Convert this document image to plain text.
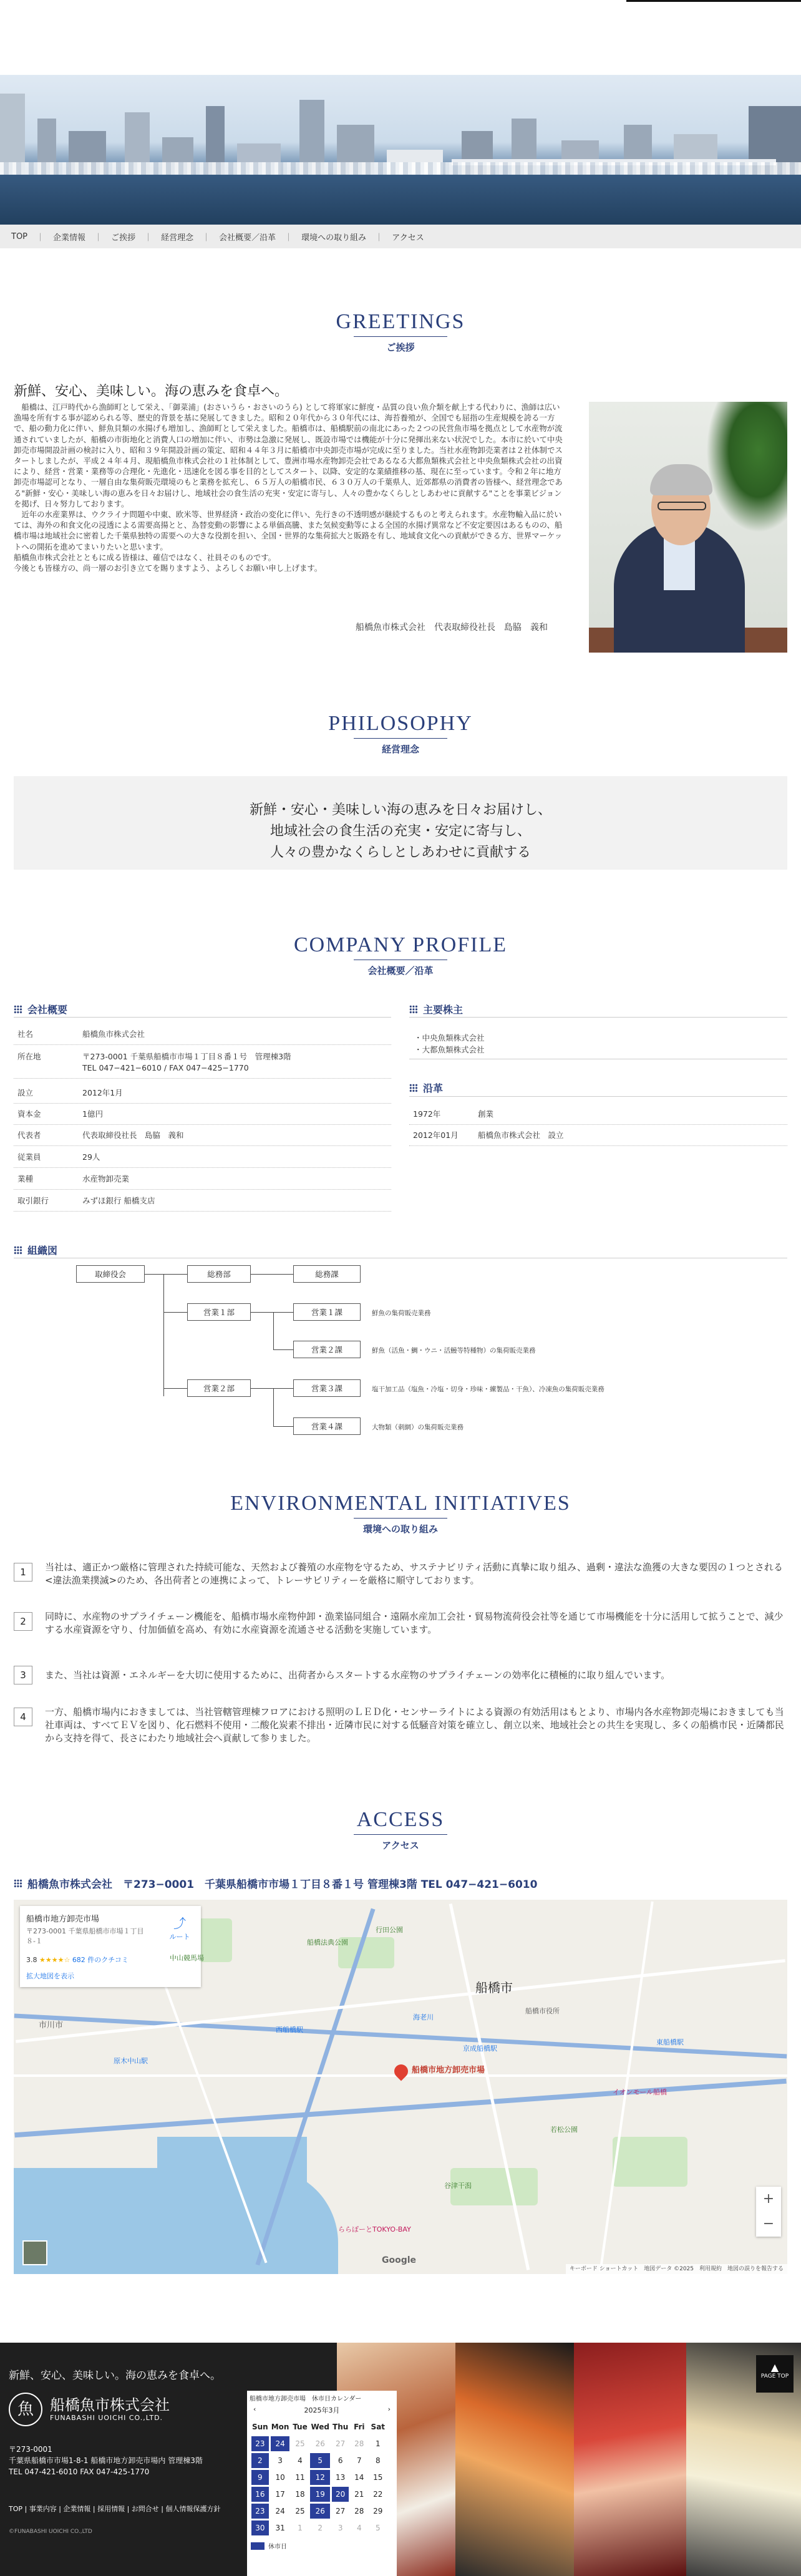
TOP ｜ 企業情報 ｜ ご挨拶 ｜ 経営理念 ｜ 会社概要／沿革 ｜ 環境への取り組み ｜ アクセス
GREETINGS
ご挨拶
新鮮、安心、美味しい。海の恵みを食卓へ。
　船橋は、江戸時代から漁師町として栄え、「御菜浦」(おさいうら・おさいのうら) として将軍家に鮮度・品質の良い魚介類を献上する代わりに、漁師は広い漁場を所有する事が認められる等、歴史的背景を基に発展してきました。昭和２０年代から３０年代には、海苔養殖が、全国でも屈指の生産規模を誇る一方で、船の動力化に伴い、鮮魚貝類の水揚げも増加し、漁師町として栄えました。船橋市は、船橋駅前の南北にあった２つの民営魚市場を拠点として水産物が流通されていましたが、船橋の市街地化と消費人口の増加に伴い、市勢は急激に発展し、既設市場では機能が十分に発揮出来ない状況でした。本市に於いて中央卸売市場開設計画の検討に入り、昭和３９年開設計画の策定、昭和４４年３月に船橋市中央卸売市場が完成に至りました。当社水産物卸売業者は２社体制でスタートしましたが、平成２４年４月、現船橋魚市株式会社の１社体制として、豊洲市場水産物卸売会社であるなる大都魚類株式会社と中央魚類株式会社の出資により、経営・営業・業務等の合理化・先進化・迅速化を図る事を目的としてスタート、以降、安定的な業績推移の基、現在に至っています。令和２年に地方卸売市場認可となり、一層自由な集荷販売環境のもと業務を拡充し、６５万人の船橋市民、６３０万人の千葉県人、近郊都県の消費者の皆様へ、経営理念である"新鮮・安心・美味しい海の恵みを日々お届けし、地域社会の食生活の充実・安定に寄与し、人々の豊かなくらしとしあわせに貢献する"ことを事業ビジョンを掲げ、日々努力しております。
　近年の水産業界は、ウクライナ問題や中東、欧米等、世界経済・政治の変化に伴い、先行きの不透明感が継続するものと考えられます。水産物輸入品に於いては、海外の和食文化の浸透による需要高揚とと、為替変動の影響による単価高騰、また気候変動等による全国的水揚げ異常など不安定要因はあるものの、船橋市場は地域社会に密着した千葉県独特の需要への大きな役割を担い、全国・世界的な集荷拡大と販路を有し、地域食文化への貢献ができる方、世界マーケットへの開拓を進めてまいりたいと思います。
船橋魚市株式会社とともに成る皆様は、確信ではなく、社員そのものです。
今後とも皆様方の、尚一層のお引き立てを賜りますよう、よろしくお願い申し上げます。
船橋魚市株式会社　代表取締役社長　島脇　義和
PHILOSOPHY
経営理念
新鮮・安心・美味しい海の恵みを日々お届けし、
地域社会の食生活の充実・安定に寄与し、
人々の豊かなくらしとしあわせに貢献する
COMPANY PROFILE
会社概要／沿革
会社概要
社名	船橋魚市株式会社
所在地	〒273-0001 千葉県船橋市市場１丁目８番１号　管理棟3階
TEL 047−421−6010 / FAX 047−425−1770
設立	2012年1月
資本金	1億円
代表者	代表取締役社長　島脇　義和
従業員	29人
業種	水産物卸売業
取引銀行	みずほ銀行 船橋支店
主要株主
・中央魚類株式会社
・大都魚類株式会社
沿革
1972年	創業
2012年01月	船橋魚市株式会社　設立
組織図
取締役会	総務部	総務課
営業１部	営業１課	鮮魚の集荷販売業務
営業２課	鮮魚（活魚・鯛・ウニ・活鰻等特種物）の集荷販売業務
営業２部	営業３課	塩干加工品（塩魚・冷塩・切身・珍味・練製品・干魚）、冷凍魚の集荷販売業務
営業４課	大物類（刺網）の集荷販売業務
ENVIRONMENTAL INITIATIVES
環境への取り組み
1	当社は、適正かつ厳格に管理された持続可能な、天然および養殖の水産物を守るため、サステナビリティ活動に真摯に取り組み、過剰・違法な漁獲の大きな要因の１つとされる<違法漁業撲滅>のため、各出荷者との連携によって、トレーサビリティーを厳格に順守しております。
2	同時に、水産物のサプライチェーン機能を、船橋市場水産物仲卸・漁業協同組合・遠隔水産加工会社・貿易物流荷役会社等を通じて市場機能を十分に活用して拡うことで、減少する水産資源を守り、付加価値を高め、有効に水産資源を流通させる活動を実施しています。
3	また、当社は資源・エネルギーを大切に使用するために、出荷者からスタートする水産物のサプライチェーンの効率化に積極的に取り組んでいます。
4	一方、船橋市場内におきましては、当社管轄管理棟フロアにおける照明のＬＥＤ化・センサーライトによる資源の有効活用はもとより、市場内各水産物卸売場におきましても当社車両は、すべてＥＶを図り、化石燃料不使用・二酸化炭素不排出・近隣市民に対する低騒音対策を確立し、創立以来、地域社会との共生を実現し、多くの船橋市民・近隣都民から支持を得て、長さにわたり地域社会へ貢献して参りました。
ACCESS
アクセス
船橋魚市株式会社　〒273−0001　千葉県船橋市市場１丁目８番１号 管理棟3階 TEL 047−421−6010
船橋市地方卸売市場
〒273-0001 千葉県船橋市市場１丁目８-１
3.8 ★★★★☆ 682 件のクチコミ
拡大地図を表示
⤴
ルート
船橋市
船橋市地方卸売市場
中山競馬場
船橋法典公園
海老川
行田公園
ららぽーとTOKYO-BAY
船橋市役所
東船橋駅
市川市
原木中山駅
西船橋駅
イオンモール船橋
谷津干潟
京成船橋駅
若松公園
Google
+
−
キーボード ショートカット　地図データ ©2025　利用規約　地図の誤りを報告する
新鮮、安心、美味しい。海の恵みを食卓へ。
魚	船橋魚市株式会社
FUNABASHI UOICHI CO.,LTD.
〒273-0001
千葉県船橋市市場1-8-1 船橋市地方卸売市場内 管理棟3階
TEL 047-421-6010 FAX 047-425-1770
TOP | 事業内容 | 企業情報 | 採用情報 | お問合せ | 個人情報保護方針
©FUNABASHI UOICHI CO.,LTD
船橋市地方卸売市場　休市日カレンダー
‹	2025年3月	›
Sun	Mon	Tue	Wed	Thu	Fri	Sat
23	24	25	26	27	28	1
2	3	4	5	6	7	8
9	10	11	12	13	14	15
16	17	18	19	20	21	22
23	24	25	26	27	28	29
30	31	1	2	3	4	5
休市日
▲
PAGE TOP
